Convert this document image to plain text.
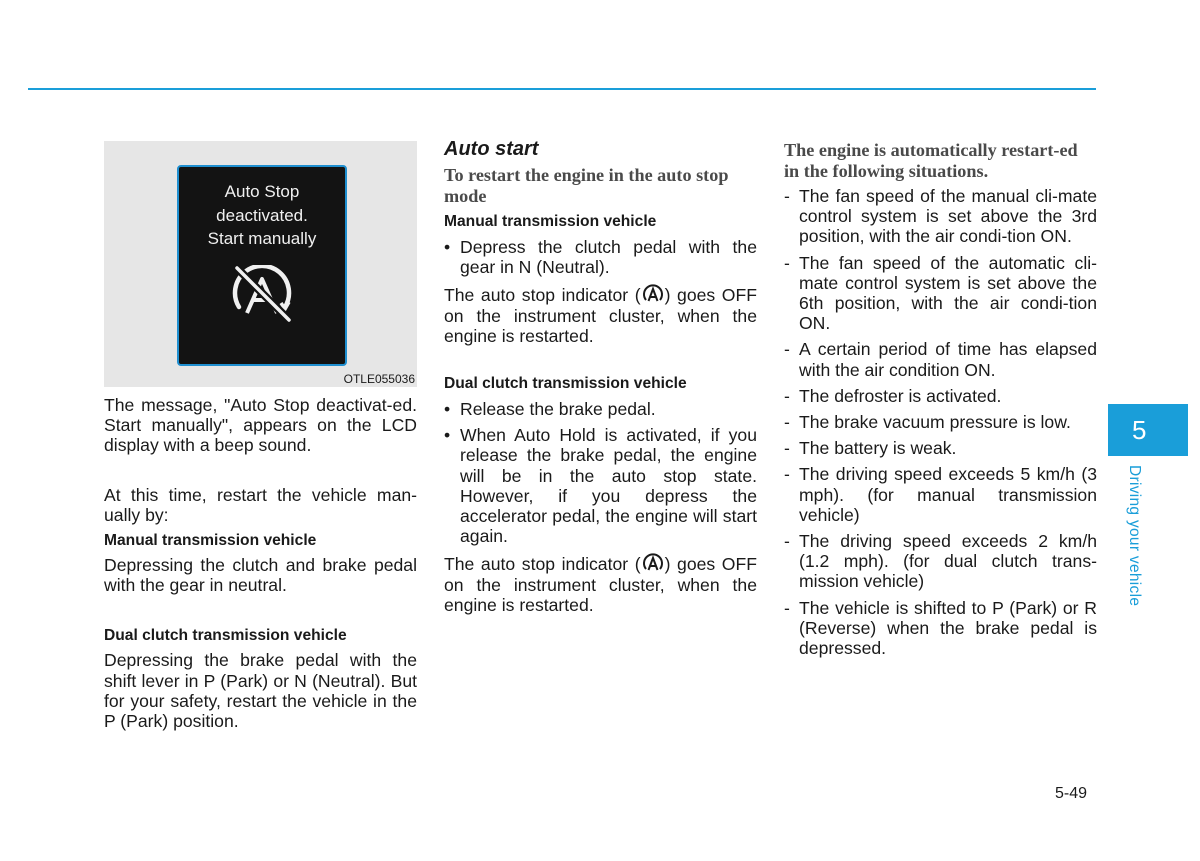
Auto Stop
deactivated.
Start manually
OTLE055036

The message, "Auto Stop deactivat-ed. Start manually", appears on the LCD display with a beep sound.

At this time, restart the vehicle man-ually by:

Manual transmission vehicle

Depressing the clutch and brake pedal with the gear in neutral.

Dual clutch transmission vehicle

Depressing the brake pedal with the shift lever in P (Park) or N (Neutral). But for your safety, restart the vehicle in the P (Park) position.

Auto start
To restart the engine in the auto stop mode
Manual transmission vehicle
• Depress the clutch pedal with the gear in N (Neutral).

The auto stop indicator ( ) goes OFF on the instrument cluster, when the engine is restarted.

Dual clutch transmission vehicle
• Release the brake pedal.
• When Auto Hold is activated, if you release the brake pedal, the engine will be in the auto stop state. However, if you depress the accelerator pedal, the engine will start again.

The auto stop indicator ( ) goes OFF on the instrument cluster, when the engine is restarted.

The engine is automatically restart-ed in the following situations.
- The fan speed of the manual cli-mate control system is set above the 3rd position, with the air condi-tion ON.
- The fan speed of the automatic cli-mate control system is set above the 6th position, with the air condi-tion ON.
- A certain period of time has elapsed with the air condition ON.
- The defroster is activated.
- The brake vacuum pressure is low.
- The battery is weak.
- The driving speed exceeds 5 km/h (3 mph). (for manual transmission vehicle)
- The driving speed exceeds 2 km/h (1.2 mph). (for dual clutch trans-mission vehicle)
- The vehicle is shifted to P (Park) or R (Reverse) when the brake pedal is depressed.
5
Driving your vehicle
5-49
